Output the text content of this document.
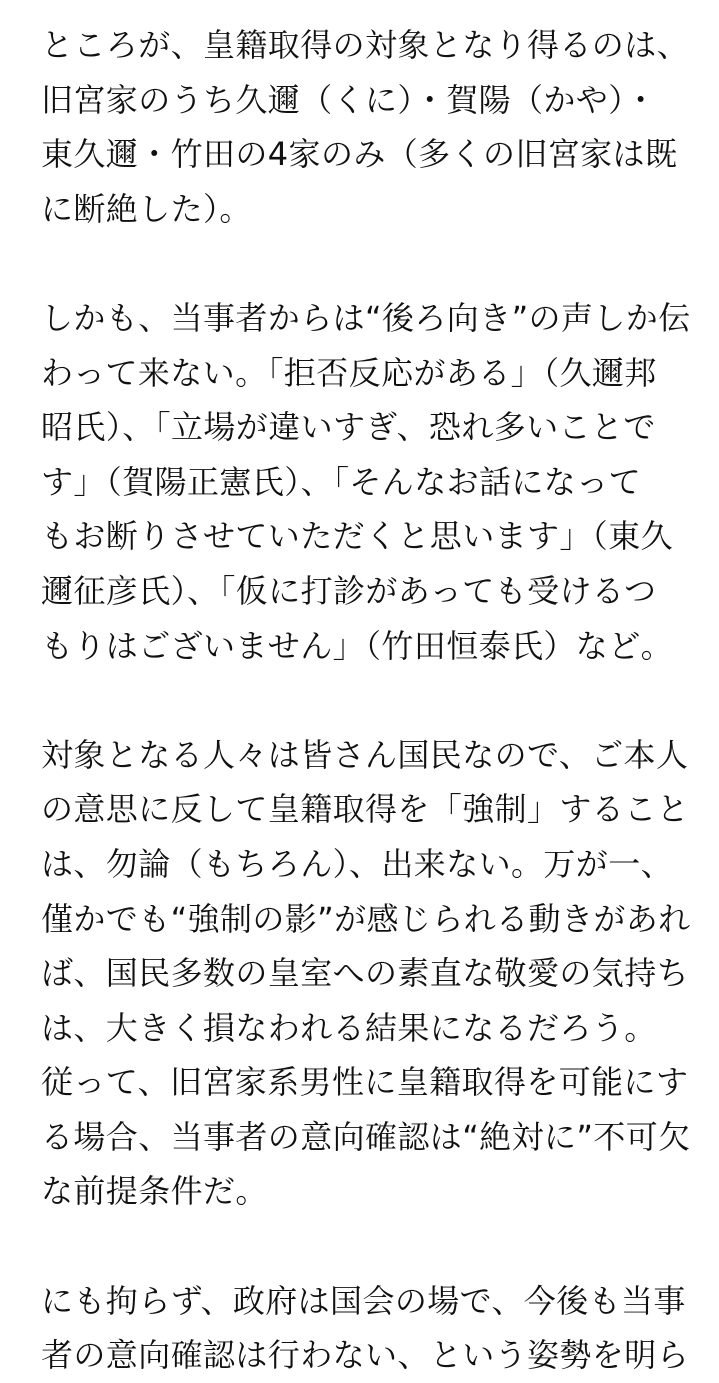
ところが、皇籍取得の対象となり得るのは、
旧宮家のうち久邇（くに）・賀陽（かや）・
東久邇・竹田の4家のみ（多くの旧宮家は既
に断絶した）。
しかも、当事者からは“後ろ向き”の声しか伝
わって来ない。「拒否反応がある」（久邇邦
昭氏）、「立場が違いすぎ、恐れ多いことで
す」（賀陽正憲氏）、「そんなお話になって
もお断りさせていただくと思います」（東久
邇征彦氏）、「仮に打診があっても受けるつ
もりはございません」（竹田恒泰氏）など。
対象となる人々は皆さん国民なので、ご本人
の意思に反して皇籍取得を「強制」すること
は、勿論（もちろん）、出来ない。万が一、
僅かでも“強制の影”が感じられる動きがあれ
ば、国民多数の皇室への素直な敬愛の気持ち
は、大きく損なわれる結果になるだろう。
従って、旧宮家系男性に皇籍取得を可能にす
る場合、当事者の意向確認は“絶対に”不可欠
な前提条件だ。
にも拘らず、政府は国会の場で、今後も当事
者の意向確認は行わない、という姿勢を明ら
